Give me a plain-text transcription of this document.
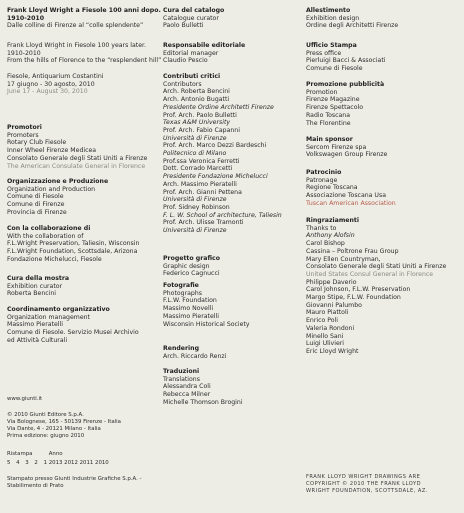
Frank Lloyd Wright a Fiesole 100 anni dopo.
1910-2010
Dalle colline di Firenze al “colle splendente”
Frank Lloyd Wright in Fiesole 100 years later.
1910-2010
From the hills of Florence to the “resplendent hill”
Fiesole, Antiquarium Costantini
17 giugno - 30 agosto, 2010
June 17 - August 30, 2010
Promotori
Promoters
Rotary Club Fiesole
Inner Wheel Firenze Medicea
Consolato Generale degli Stati Uniti a Firenze
The American Consulate General in Florence
Organizzazione e Produzione
Organization and Production
Comune di Fiesole
Comune di Firenze
Provincia di Firenze
Con la collaborazione di
With the collaboration of
F.L.Wright Preservation, Taliesin, Wisconsin
F.L.Wright Foundation, Scottsdale, Arizona
Fondazione Michelucci, Fiesole
Cura della mostra
Exhibition curator
Roberta Bencini
Coordinamento organizzativo
Organization management
Massimo Pieratelli
Comune di Fiesole. Servizio Musei Archivio
ed Attività Culturali
www.giunti.it
© 2010 Giunti Editore S.p.A.
Via Bolognese, 165 - 50139 Firenze - Italia
Via Dante, 4 - 20121 Milano - Italia
Prima edizione: giugno 2010
Ristampa	Anno
5 4 3 2 1 2013 2012 2011 2010
Stampato presso Giunti Industrie Grafiche S.p.A. -
Stabilimento di Prato
Cura del catalogo
Catalogue curator
Paolo Bulletti
Responsabile editoriale
Editorial manager
Claudio Pescio
Contributi critici
Contributors
Arch. Roberta Bencini
Arch. Antonio Bugatti
Presidente Ordine Architetti Firenze
Prof. Arch. Paolo Bulletti
Texas A&M University
Prof. Arch. Fabio Capanni
Università di Firenze
Prof. Arch. Marco Dezzi Bardeschi
Politecnico di Milano
Prof.ssa Veronica Ferretti
Dott. Corrado Marcetti
Presidente Fondazione Michelucci
Arch. Massimo Pieratelli
Prof. Arch. Gianni Pettena
Università di Firenze
Prof. Sidney Robinson
F. L. W. School of architecture, Taliesin
Prof. Arch. Ulisse Tramonti
Università di Firenze
Progetto grafico
Graphic design
Federico Cagnucci
Fotografie
Photographs
F.L.W. Foundation
Massimo Novelli
Massimo Pieratelli
Wisconsin Historical Society
Rendering
Arch. Riccardo Renzi
Traduzioni
Translations
Alessandra Coli
Rebecca Milner
Michelle Thomson Brogini
Allestimento
Exhibition design
Ordine degli Architetti Firenze
Ufficio Stampa
Press office
Pierluigi Bacci & Associati
Comune di Fiesole
Promozione pubblicità
Promotion
Firenze Magazine
Firenze Spettacolo
Radio Toscana
The Florentine
Main sponsor
Sercom Firenze spa
Volkswagen Group Firenze
Patrocinio
Patronage
Regione Toscana
Associazione Toscana Usa
Tuscan American Association
Ringraziamenti
Thanks to
Anthony Alofsin
Carol Bishop
Cassina – Poltrone Frau Group
Mary Ellen Countryman,
Consolato Generale degli Stati Uniti a Firenze
United States Consul General in Florence
Philippe Daverio
Carol Johnson, F.L.W. Preservation
Margo Stipe, F.L.W. Foundation
Giovanni Palumbo
Mauro Piattoli
Enrico Poli
Valeria Rondoni
Minello Sani
Luigi Ulivieri
Eric Lloyd Wright
FRANK LLOYD WRIGHT DRAWINGS ARE
COPYRIGHT © 2010 THE FRANK LLOYD
WRIGHT FOUNDATION, SCOTTSDALE, AZ.
